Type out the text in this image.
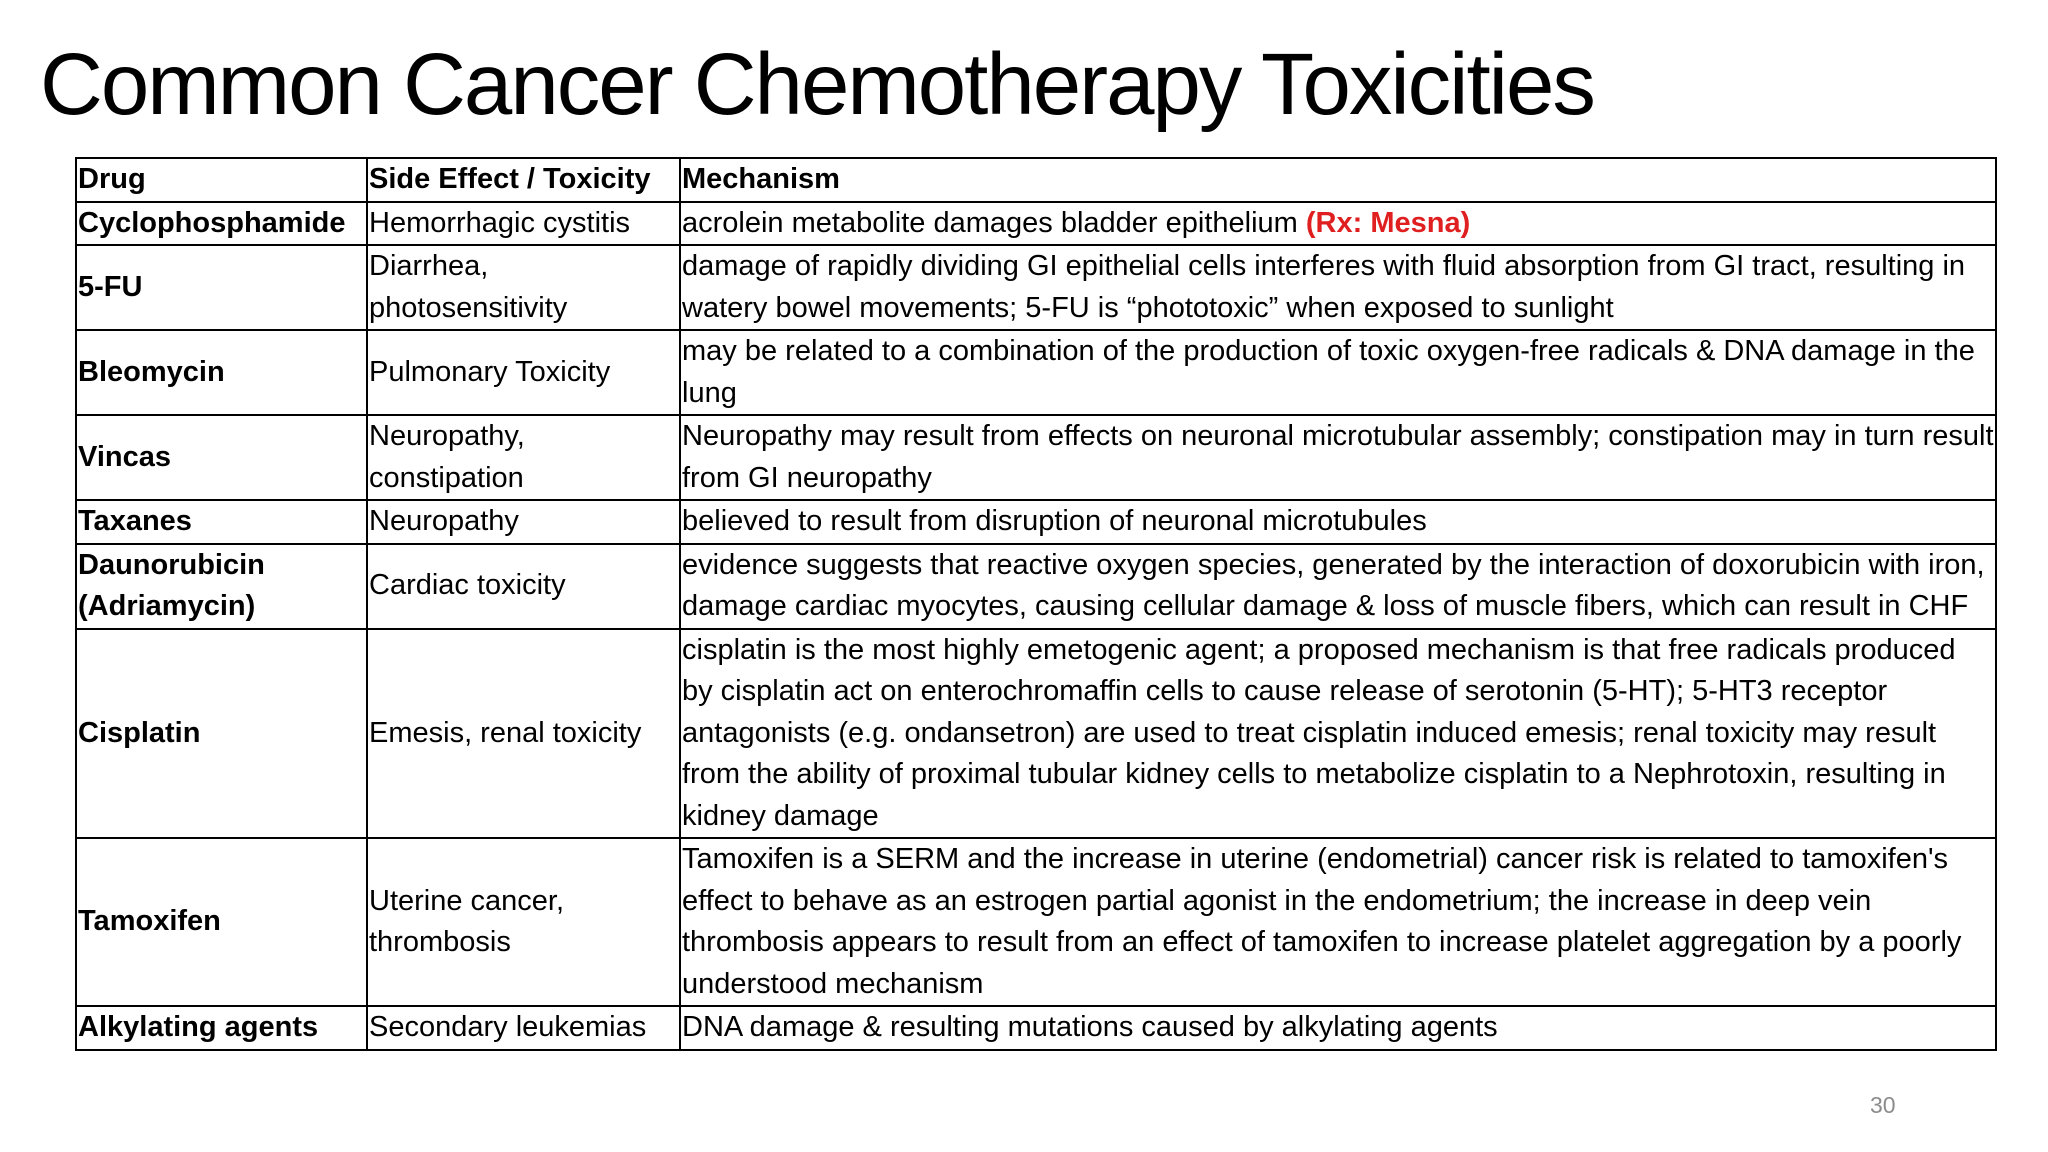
Common Cancer Chemotherapy Toxicities
Drug	Side Effect / Toxicity	Mechanism
Cyclophosphamide	Hemorrhagic cystitis	acrolein metabolite damages bladder epithelium (Rx: Mesna)
5-FU	Diarrhea, photosensitivity	damage of rapidly dividing GI epithelial cells interferes with fluid absorption from GI tract, resulting in watery bowel movements; 5-FU is “phototoxic” when exposed to sunlight
Bleomycin	Pulmonary Toxicity	may be related to a combination of the production of toxic oxygen-free radicals & DNA damage in the lung
Vincas	Neuropathy, constipation	Neuropathy may result from effects on neuronal microtubular assembly; constipation may in turn result from GI neuropathy
Taxanes	Neuropathy	believed to result from disruption of neuronal microtubules
Daunorubicin (Adriamycin)	Cardiac toxicity	evidence suggests that reactive oxygen species, generated by the interaction of doxorubicin with iron, damage cardiac myocytes, causing cellular damage & loss of muscle fibers, which can result in CHF
Cisplatin	Emesis, renal toxicity	cisplatin is the most highly emetogenic agent; a proposed mechanism is that free radicals produced by cisplatin act on enterochromaffin cells to cause release of serotonin (5-HT); 5-HT3 receptor antagonists (e.g. ondansetron) are used to treat cisplatin induced emesis; renal toxicity may result from the ability of proximal tubular kidney cells to metabolize cisplatin to a Nephrotoxin, resulting in kidney damage
Tamoxifen	Uterine cancer, thrombosis	Tamoxifen is a SERM and the increase in uterine (endometrial) cancer risk is related to tamoxifen's effect to behave as an estrogen partial agonist in the endometrium; the increase in deep vein thrombosis appears to result from an effect of tamoxifen to increase platelet aggregation by a poorly understood mechanism
Alkylating agents	Secondary leukemias	DNA damage & resulting mutations caused by alkylating agents
30
